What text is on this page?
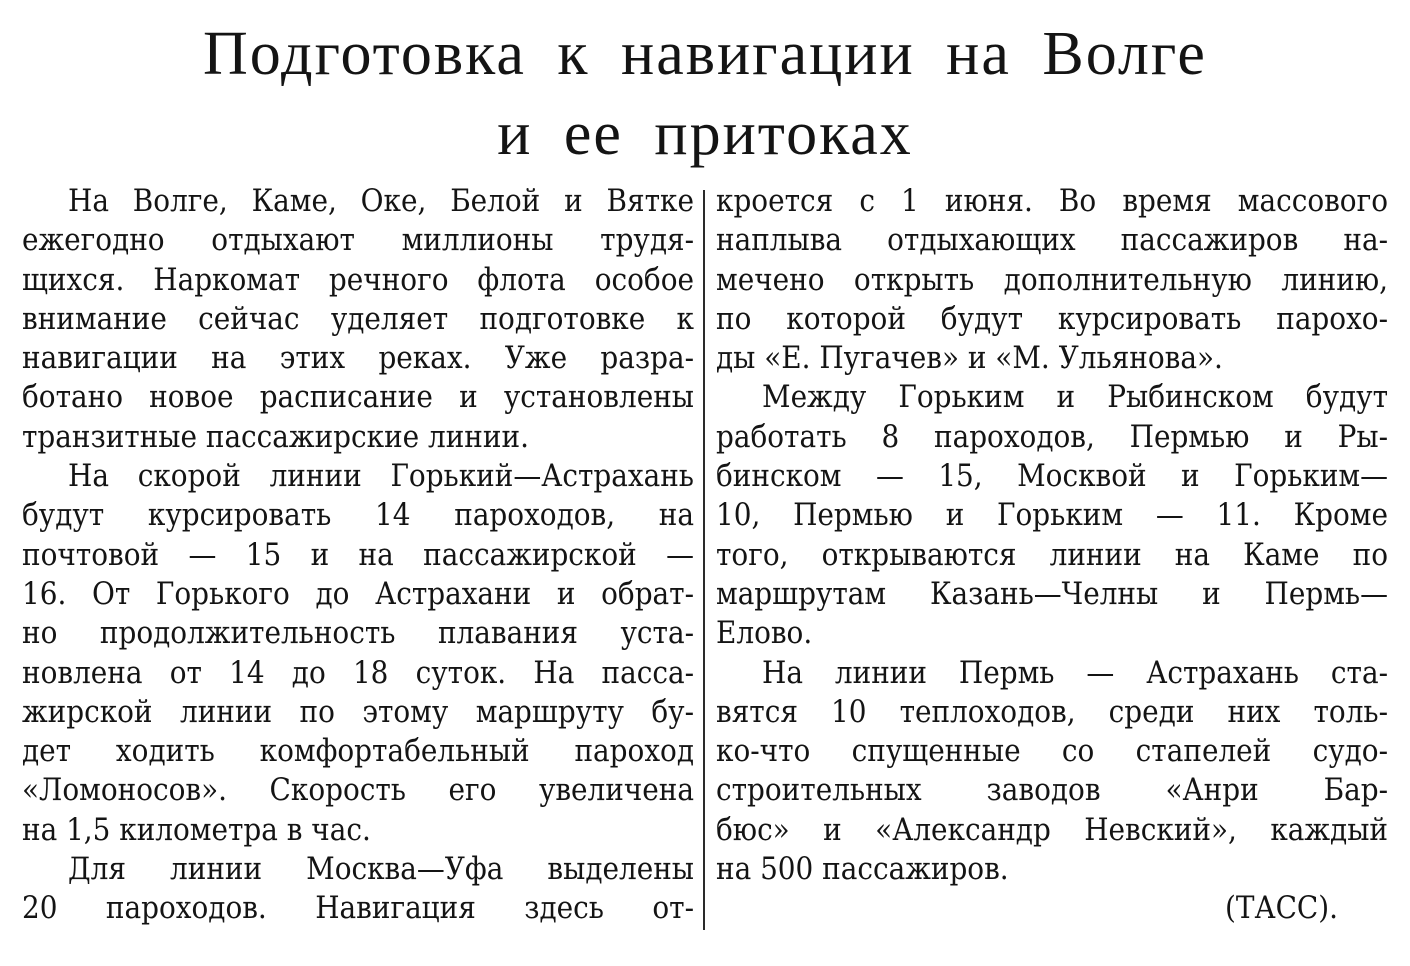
Подготовка к навигации на Волге
и ее притоках
На Волге, Каме, Оке, Белой и Вятке
ежегодно отдыхают миллионы трудя-
щихся. Наркомат речного флота особое
внимание сейчас уделяет подготовке к
навигации на этих реках. Уже разра-
ботано новое расписание и установлены
транзитные пассажирские линии.
На скорой линии Горький—Астрахань
будут курсировать 14 пароходов, на
почтовой — 15 и на пассажирской —
16. От Горького до Астрахани и обрат-
но продолжительность плавания уста-
новлена от 14 до 18 суток. На пасса-
жирской линии по этому маршруту бу-
дет ходить комфортабельный пароход
«Ломоносов». Скорость его увеличена
на 1,5 километра в час.
Для линии Москва—Уфа выделены
20 пароходов. Навигация здесь от-
кроется с 1 июня. Во время массового
наплыва отдыхающих пассажиров на-
мечено открыть дополнительную линию,
по которой будут курсировать парохо-
ды «Е. Пугачев» и «М. Ульянова».
Между Горьким и Рыбинском будут
работать 8 пароходов, Пермью и Ры-
бинском — 15, Москвой и Горьким—
10, Пермью и Горьким — 11. Кроме
того, открываются линии на Каме по
маршрутам Казань—Челны и Пермь—
Елово.
На линии Пермь — Астрахань ста-
вятся 10 теплоходов, среди них толь-
ко-что спущенные со стапелей судо-
строительных заводов «Анри Бар-
бюс» и «Александр Невский», каждый
на 500 пассажиров.
(ТАСС).
